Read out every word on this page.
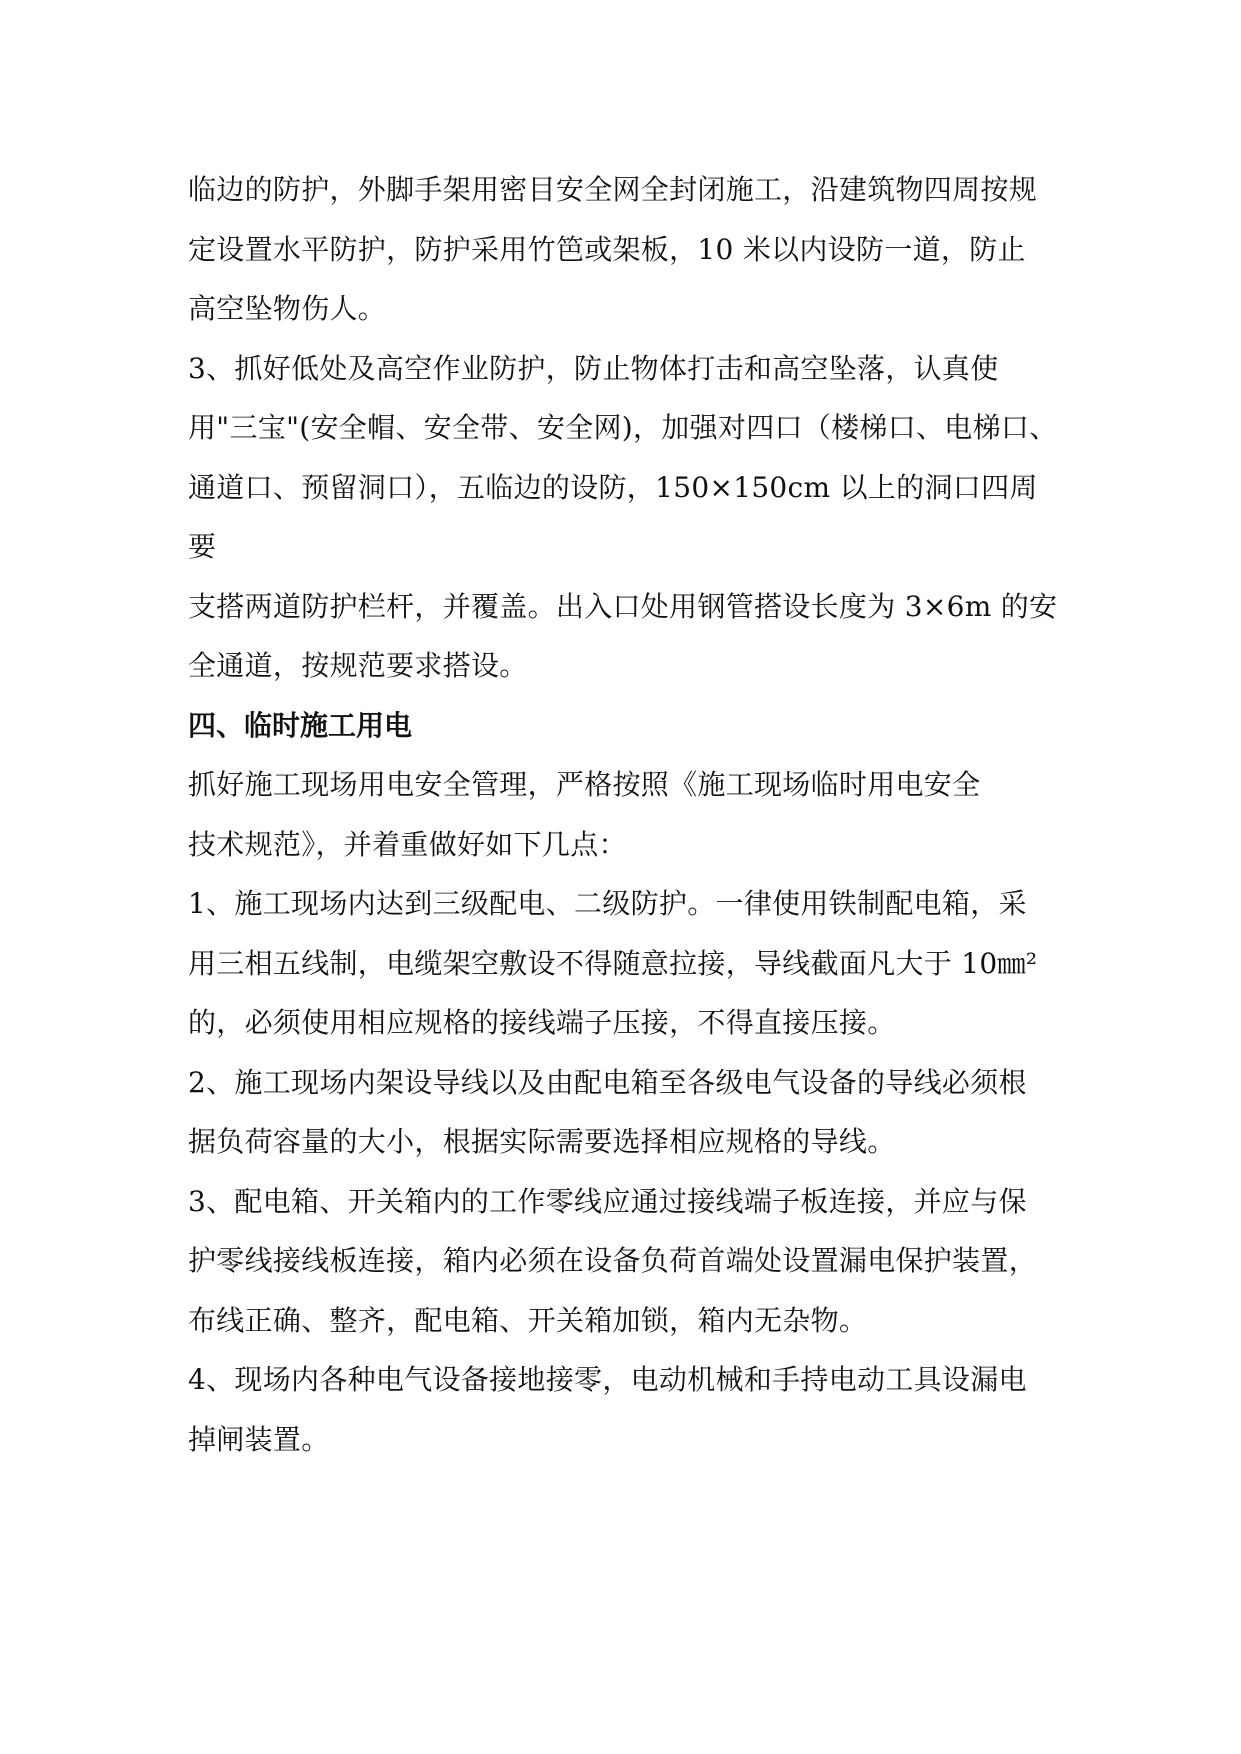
临边的防护，外脚手架用密目安全网全封闭施工，沿建筑物四周按规
定设置水平防护，防护采用竹笆或架板，10 米以内设防一道，防止
高空坠物伤人。
3、抓好低处及高空作业防护，防止物体打击和高空坠落，认真使
用"三宝"(安全帽、安全带、安全网)，加强对四口（楼梯口、电梯口、
通道口、预留洞口），五临边的设防，150×150cm 以上的洞口四周
要
支搭两道防护栏杆，并覆盖。出入口处用钢管搭设长度为 3×6m 的安
全通道，按规范要求搭设。
四、临时施工用电
抓好施工现场用电安全管理，严格按照《施工现场临时用电安全
技术规范》，并着重做好如下几点：
1、施工现场内达到三级配电、二级防护。一律使用铁制配电箱，采
用三相五线制，电缆架空敷设不得随意拉接，导线截面凡大于 10㎜²
的，必须使用相应规格的接线端子压接，不得直接压接。
2、施工现场内架设导线以及由配电箱至各级电气设备的导线必须根
据负荷容量的大小，根据实际需要选择相应规格的导线。
3、配电箱、开关箱内的工作零线应通过接线端子板连接，并应与保
护零线接线板连接，箱内必须在设备负荷首端处设置漏电保护装置，
布线正确、整齐，配电箱、开关箱加锁，箱内无杂物。
4、现场内各种电气设备接地接零，电动机械和手持电动工具设漏电
掉闸装置。
